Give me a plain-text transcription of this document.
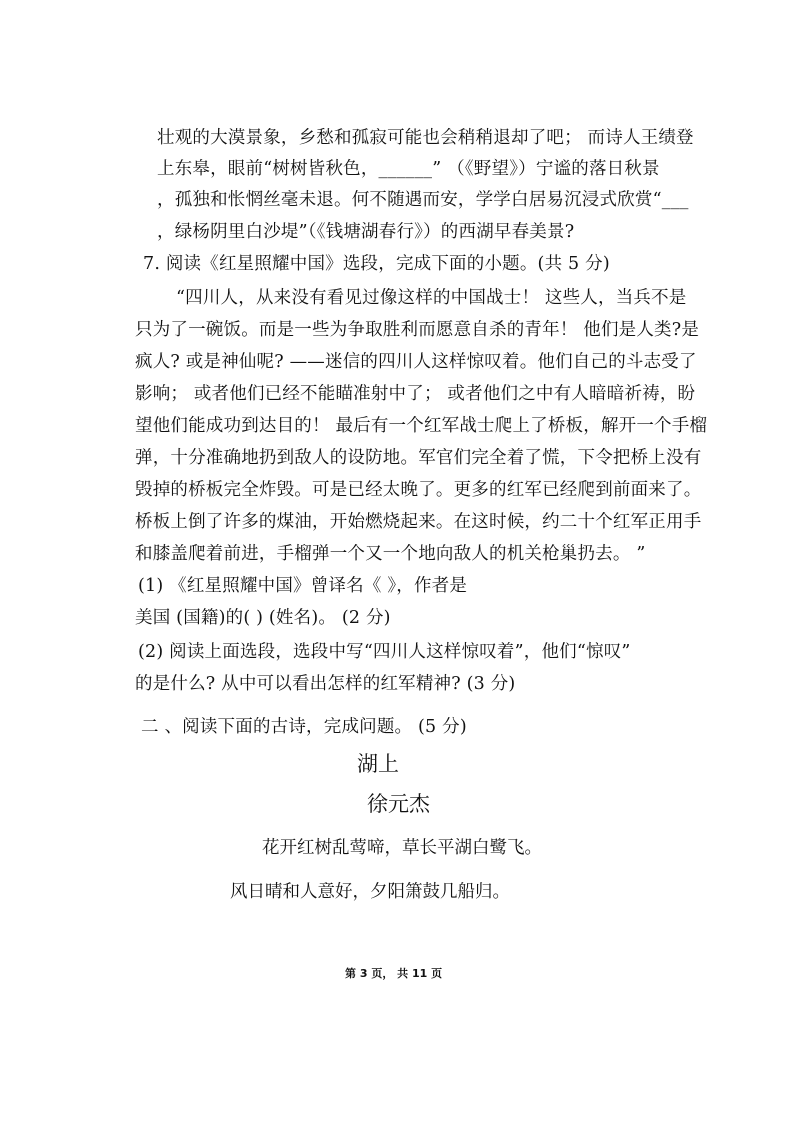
壮观的大漠景象，乡愁和孤寂可能也会稍稍退却了吧； 而诗人王绩登
上东皋，眼前“树树皆秋色，______” （《野望》）宁谧的落日秋景
，孤独和怅惘丝毫未退。何不随遇而安，学学白居易沉浸式欣赏“___
，绿杨阴里白沙堤”（《钱塘湖春行》）的西湖早春美景?
7. 阅读《红星照耀中国》选段，完成下面的小题。(共 5 分)
“四川人，从来没有看见过像这样的中国战士！ 这些人，当兵不是
只为了一碗饭。而是一些为争取胜利而愿意自杀的青年！ 他们是人类?是
疯人? 或是神仙呢? ——迷信的四川人这样惊叹着。他们自己的斗志受了
影响； 或者他们已经不能瞄准射中了； 或者他们之中有人暗暗祈祷，盼
望他们能成功到达目的！ 最后有一个红军战士爬上了桥板，解开一个手榴
弹，十分准确地扔到敌人的设防地。军官们完全着了慌，下令把桥上没有
毁掉的桥板完全炸毁。可是已经太晚了。更多的红军已经爬到前面来了。
桥板上倒了许多的煤油，开始燃烧起来。在这时候，约二十个红军正用手
和膝盖爬着前进，手榴弹一个又一个地向敌人的机关枪巢扔去。 ”
(1) 《红星照耀中国》曾译名《 》，作者是
美国 (国籍)的( ) (姓名)。 (2 分)
(2) 阅读上面选段，选段中写“四川人这样惊叹着”，他们“惊叹”
的是什么? 从中可以看出怎样的红军精神? (3 分)
二 、阅读下面的古诗，完成问题。 (5 分)
湖上
徐元杰
花开红树乱莺啼，草长平湖白鹭飞。
风日晴和人意好，夕阳箫鼓几船归。
第 3 页， 共 11 页
